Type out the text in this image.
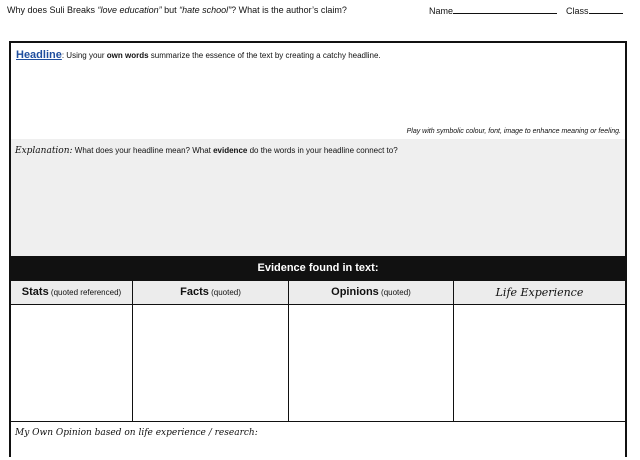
Why does Suli Breaks “love education” but “hate school”? What is the author’s claim?	Name	Class
Headline: Using your own words summarize the essence of the text by creating a catchy headline.
Play with symbolic colour, font, image to enhance meaning or feeling.
Explanation: What does your headline mean? What evidence do the words in your headline connect to?
Evidence found in text:
Stats (quoted referenced)	Facts (quoted)	Opinions (quoted)	Life Experience
My Own Opinion based on life experience / research:
